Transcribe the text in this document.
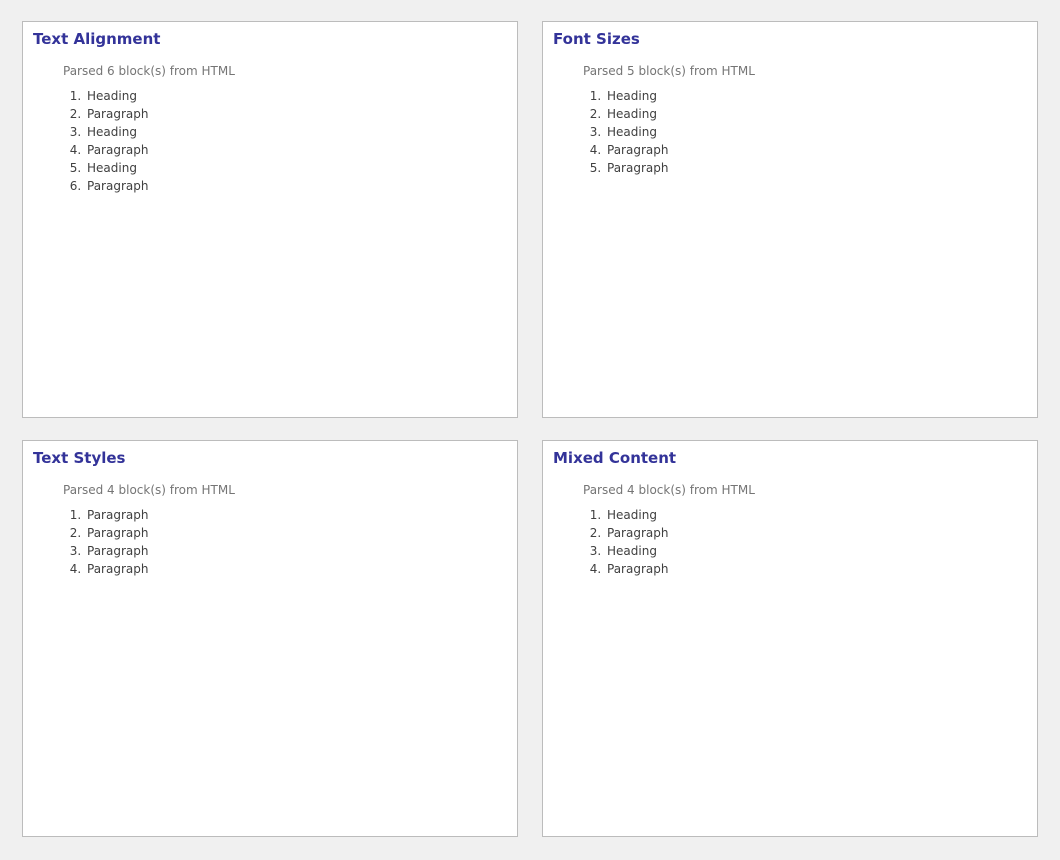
Text Alignment
Parsed 6 block(s) from HTML
1. Heading
2. Paragraph
3. Heading
4. Paragraph
5. Heading
6. Paragraph
Font Sizes
Parsed 5 block(s) from HTML
1. Heading
2. Heading
3. Heading
4. Paragraph
5. Paragraph
Text Styles
Parsed 4 block(s) from HTML
1. Paragraph
2. Paragraph
3. Paragraph
4. Paragraph
Mixed Content
Parsed 4 block(s) from HTML
1. Heading
2. Paragraph
3. Heading
4. Paragraph
